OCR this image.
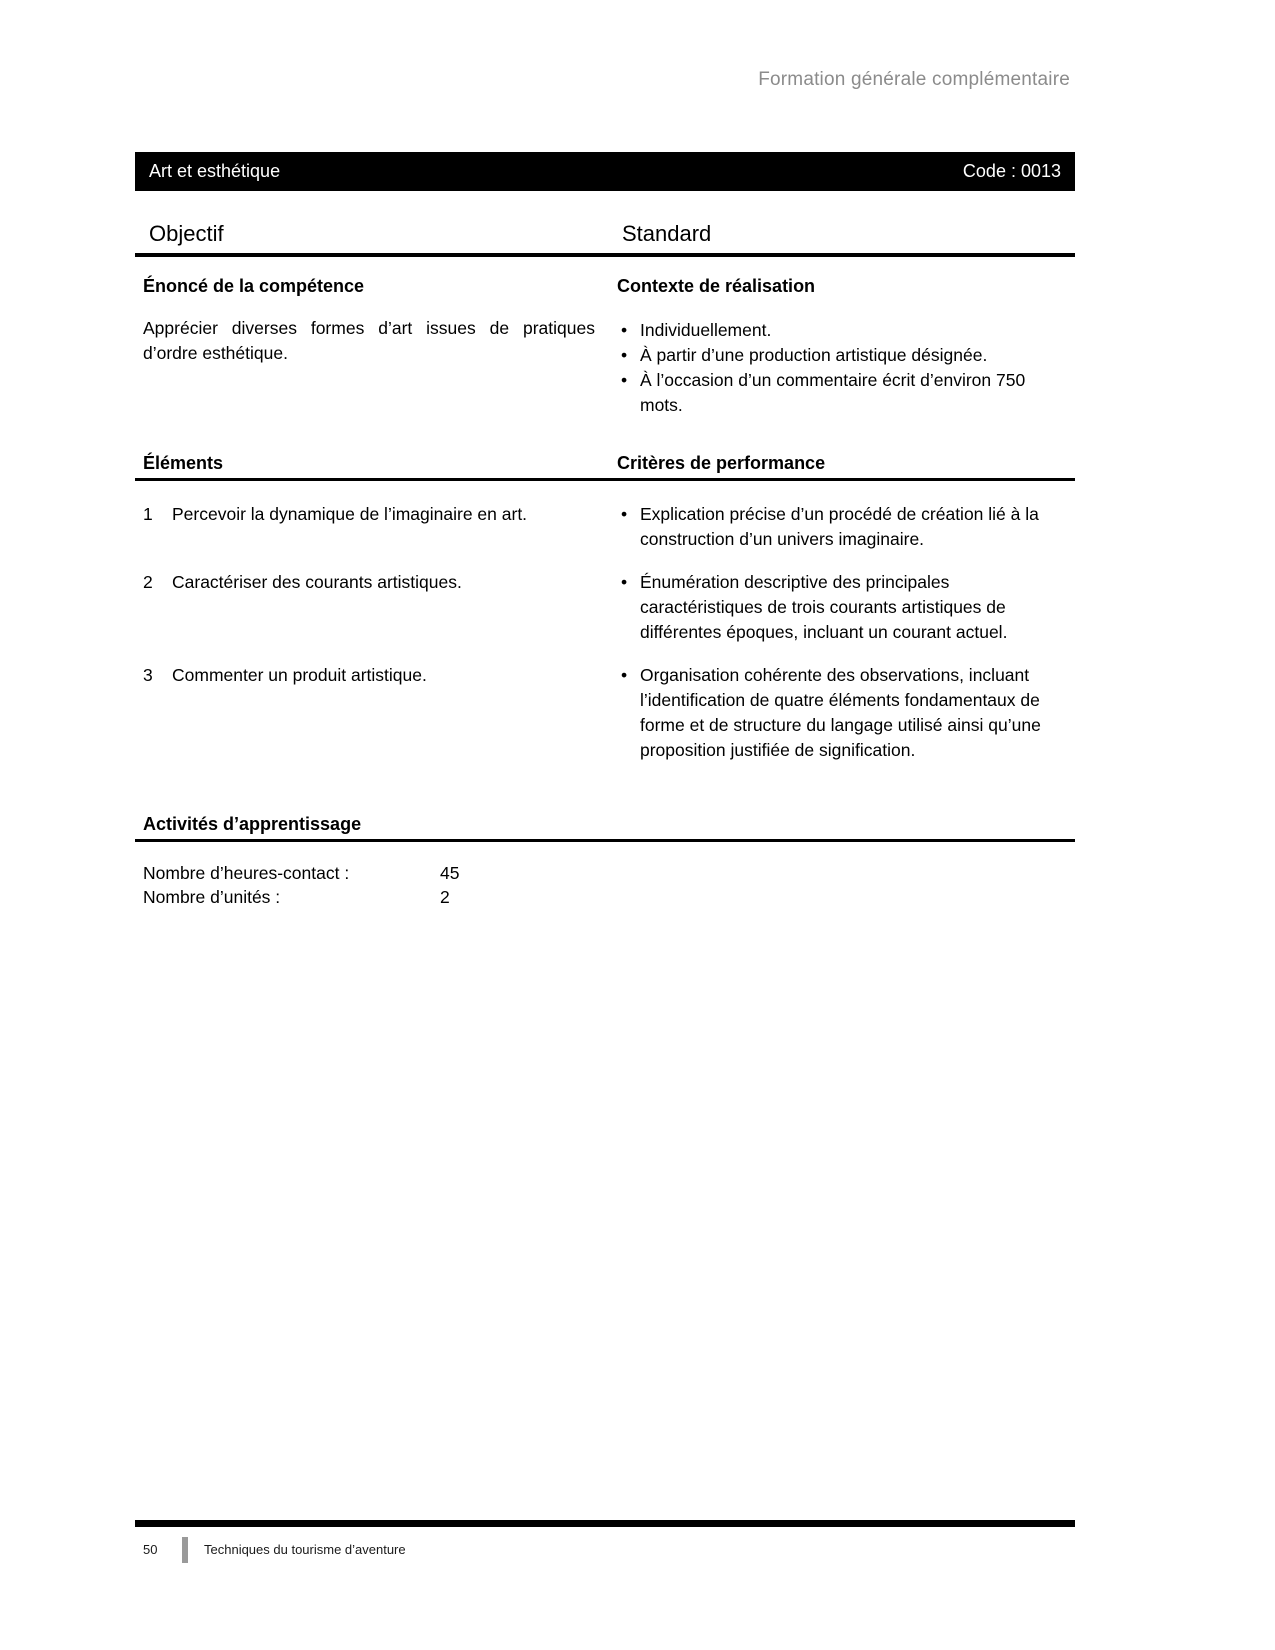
Formation générale complémentaire
Art et esthétique	Code : 0013
Objectif	Standard
Énoncé de la compétence	Contexte de réalisation
Apprécier diverses formes d’art issues de pratiques d’ordre esthétique.
• Individuellement.
• À partir d’une production artistique désignée.
• À l’occasion d’un commentaire écrit d’environ 750 mots.
Éléments	Critères de performance
1	Percevoir la dynamique de l’imaginaire en art.	• Explication précise d’un procédé de création lié à la construction d’un univers imaginaire.
2	Caractériser des courants artistiques.	• Énumération descriptive des principales caractéristiques de trois courants artistiques de différentes époques, incluant un courant actuel.
3	Commenter un produit artistique.	• Organisation cohérente des observations, incluant l’identification de quatre éléments fondamentaux de forme et de structure du langage utilisé ainsi qu’une proposition justifiée de signification.
Activités d’apprentissage
Nombre d’heures-contact :	45
Nombre d’unités :	2
50	Techniques du tourisme d’aventure
